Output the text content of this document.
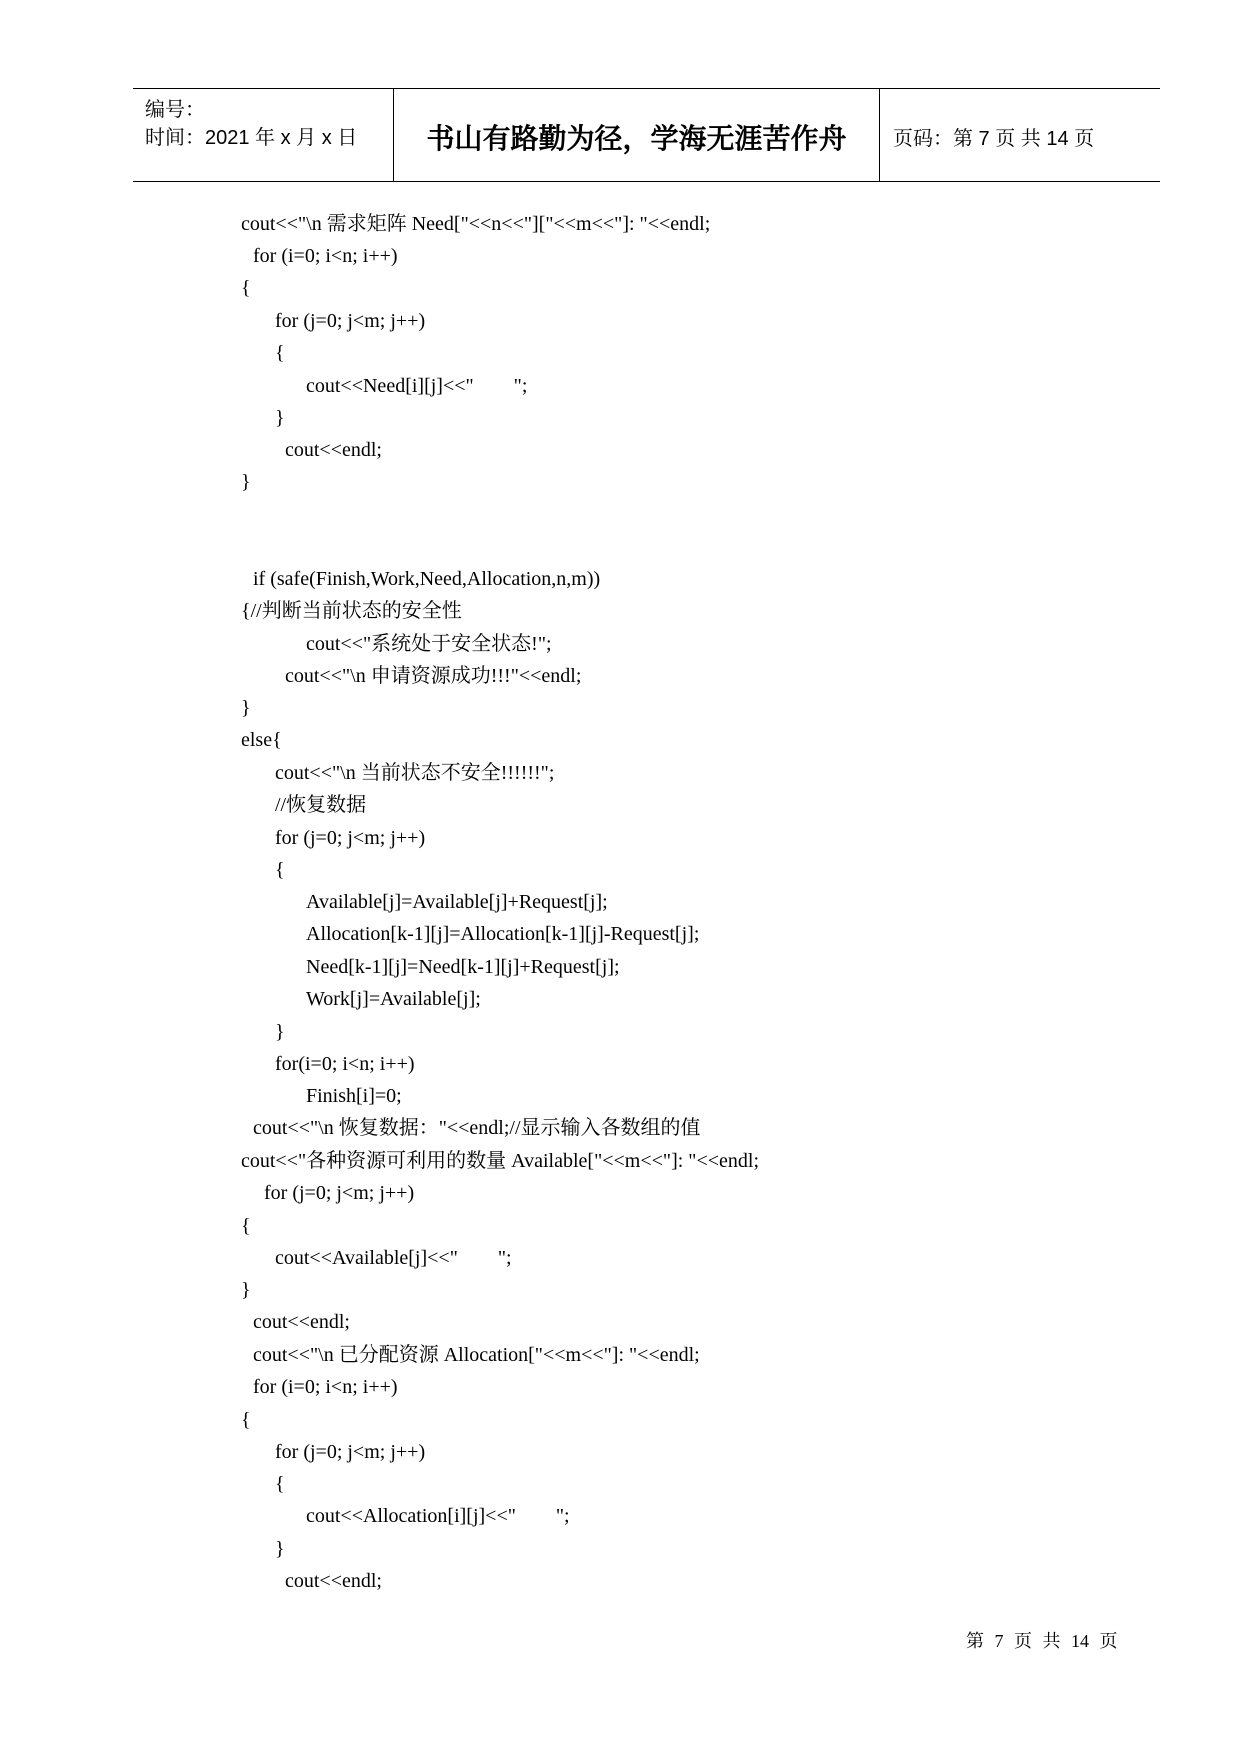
编号：
时间：2021 年 x 月 x 日	书山有路勤为径，学海无涯苦作舟	页码：第 7 页 共 14 页
cout<<"\n 需求矩阵 Need["<<n<<"]["<<m<<"]: "<<endl;
for (i=0; i<n; i++)
{
for (j=0; j<m; j++)
{
cout<<Need[i][j]<<"        ";
}
cout<<endl;
}
if (safe(Finish,Work,Need,Allocation,n,m))
{//判断当前状态的安全性
cout<<"系统处于安全状态!";
cout<<"\n 申请资源成功!!!"<<endl;
}
else{
cout<<"\n 当前状态不安全!!!!!!";
//恢复数据
for (j=0; j<m; j++)
{
Available[j]=Available[j]+Request[j];
Allocation[k-1][j]=Allocation[k-1][j]-Request[j];
Need[k-1][j]=Need[k-1][j]+Request[j];
Work[j]=Available[j];
}
for(i=0; i<n; i++)
Finish[i]=0;
cout<<"\n 恢复数据："<<endl;//显示输入各数组的值
cout<<"各种资源可利用的数量 Available["<<m<<"]: "<<endl;
for (j=0; j<m; j++)
{
cout<<Available[j]<<"        ";
}
cout<<endl;
cout<<"\n 已分配资源 Allocation["<<m<<"]: "<<endl;
for (i=0; i<n; i++)
{
for (j=0; j<m; j++)
{
cout<<Allocation[i][j]<<"        ";
}
cout<<endl;
第 7 页 共 14 页
